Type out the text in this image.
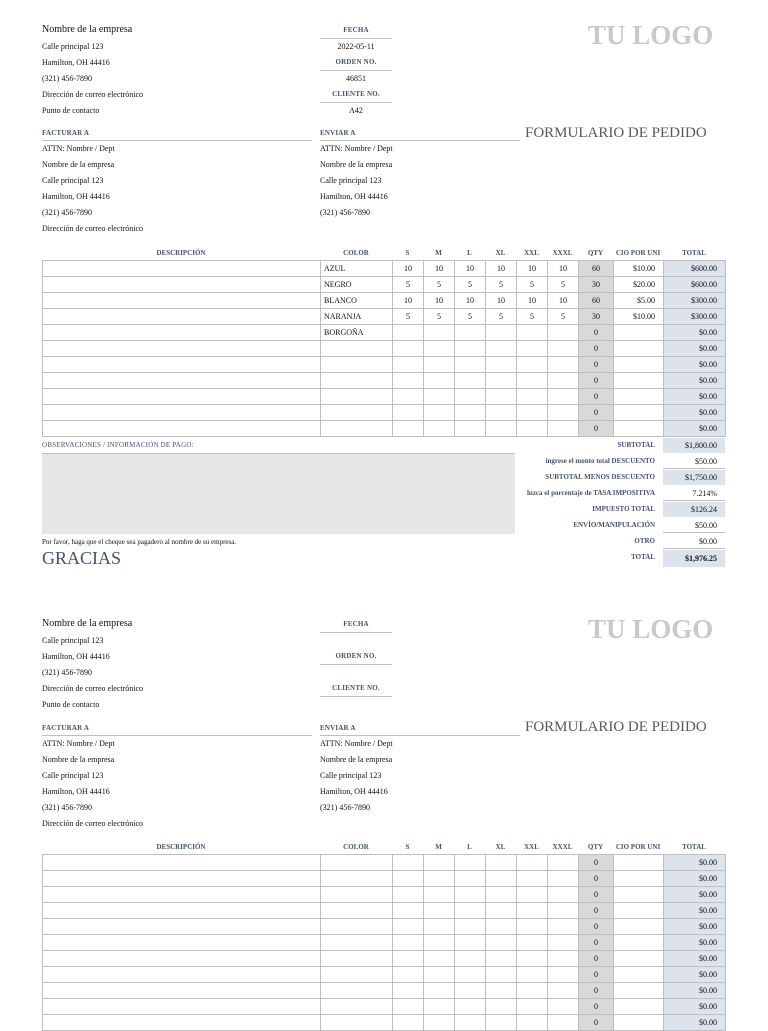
Nombre de la empresa
Calle principal 123
Hamilton, OH 44416
(321) 456-7890
Dirección de correo electrónico
Punto de contacto
FECHA
2022-05-11
ORDEN NO.
46851
CLIENTE NO.
A42
TU LOGO
FORMULARIO DE PEDIDO
FACTURAR A	ENVIAR A
ATTN: Nombre / Dept
Nombre de la empresa
Calle principal 123
Hamilton, OH 44416
(321) 456-7890
Dirección de correo electrónico
ATTN: Nombre / Dept
Nombre de la empresa
Calle principal 123
Hamilton, OH 44416
(321) 456-7890
DESCRIPCIÓN	COLOR	S	M	L	XL	XXL	XXXL	QTY	CIO POR UNI	TOTAL
	AZUL	10	10	10	10	10	10	60	$10.00	$600.00
	NEGRO	5	5	5	5	5	5	30	$20.00	$600.00
	BLANCO	10	10	10	10	10	10	60	$5.00	$300.00
	NARANJA	5	5	5	5	5	5	30	$10.00	$300.00
	BORGOÑA							0		$0.00
								0		$0.00
								0		$0.00
								0		$0.00
								0		$0.00
								0		$0.00
								0		$0.00
OBSERVACIONES / INFORMACIÓN DE PAGO:	SUBTOTAL	$1,800.00
ingrese el monto total DESCUENTO	$50.00
SUBTOTAL MENOS DESCUENTO	$1,750.00
luzca el porcentaje de TASA IMPOSITIVA	7.214%
IMPUESTO TOTAL	$126.24
ENVÍO/MANIPULACIÓN	$50.00
OTRO	$0.00
TOTAL	$1,976.25
Por favor, haga que el cheque sea pagadero al nombre de su empresa.
GRACIAS
Nombre de la empresa
Calle principal 123
Hamilton, OH 44416
(321) 456-7890
Dirección de correo electrónico
Punto de contacto
FECHA
ORDEN NO.
CLIENTE NO.
TU LOGO
FORMULARIO DE PEDIDO
FACTURAR A	ENVIAR A
ATTN: Nombre / Dept
Nombre de la empresa
Calle principal 123
Hamilton, OH 44416
(321) 456-7890
Dirección de correo electrónico
ATTN: Nombre / Dept
Nombre de la empresa
Calle principal 123
Hamilton, OH 44416
(321) 456-7890
DESCRIPCIÓN	COLOR	S	M	L	XL	XXL	XXXL	QTY	CIO POR UNI	TOTAL
								0		$0.00
								0		$0.00
								0		$0.00
								0		$0.00
								0		$0.00
								0		$0.00
								0		$0.00
								0		$0.00
								0		$0.00
								0		$0.00
								0		$0.00
